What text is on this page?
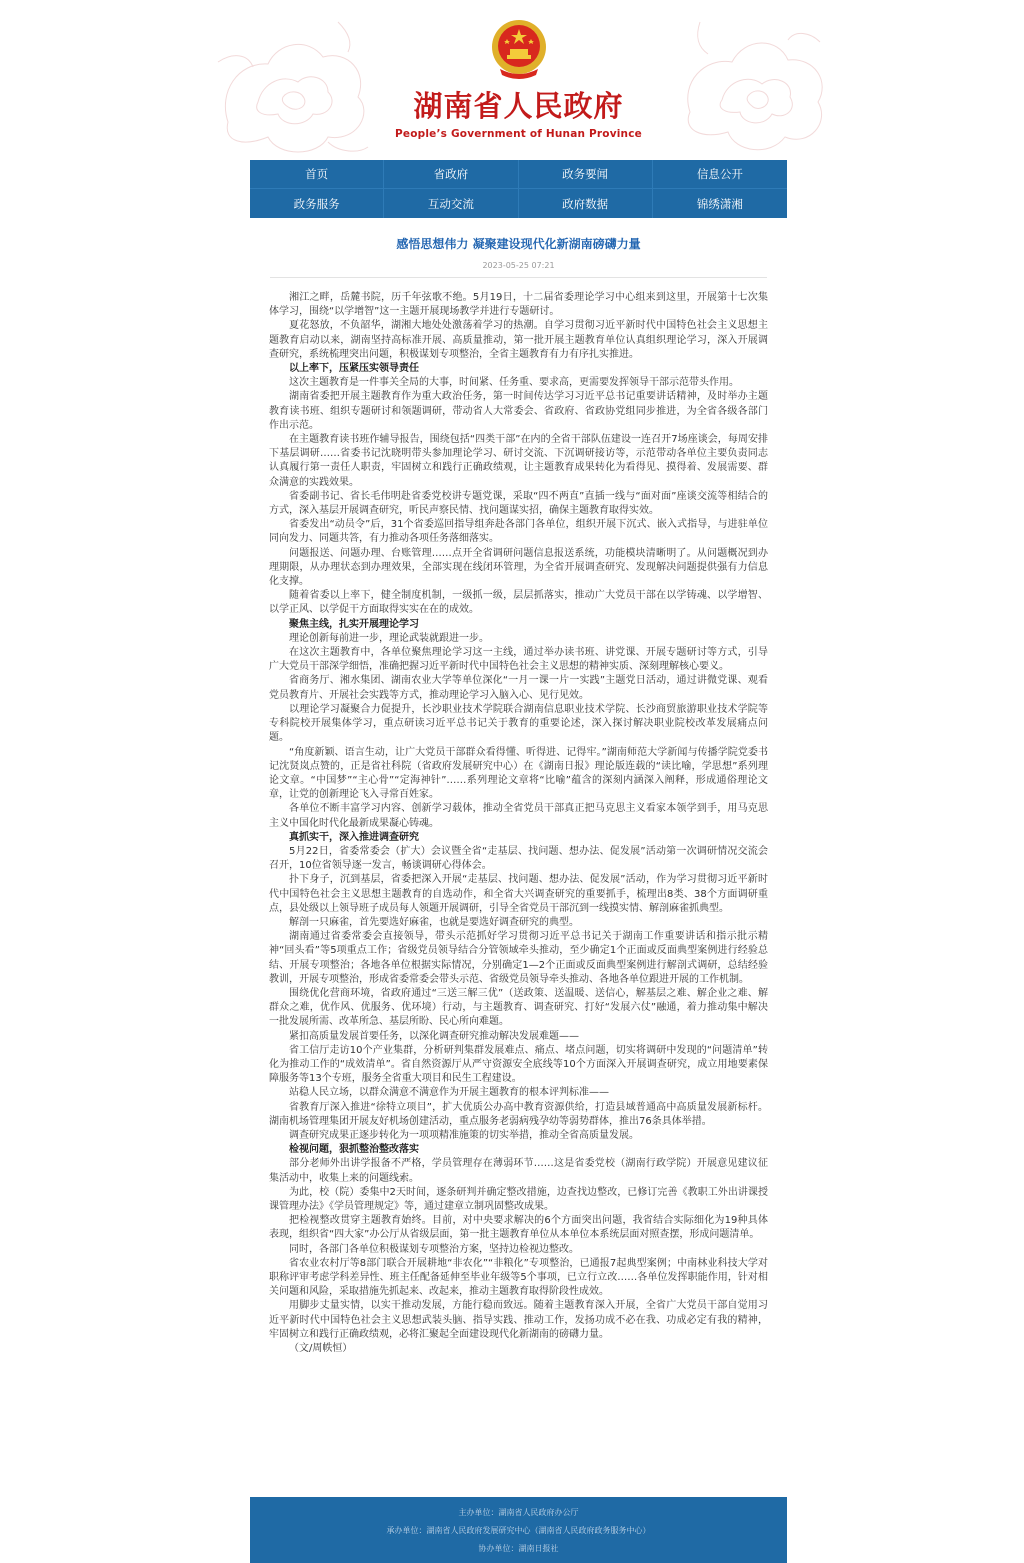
湖南省人民政府
People’s Government of Hunan Province
首页	省政府	政务要闻	信息公开
政务服务	互动交流	政府数据	锦绣潇湘
感悟思想伟力 凝聚建设现代化新湖南磅礴力量
2023-05-25 07:21

湘江之畔，岳麓书院，历千年弦歌不绝。5月19日，十二届省委理论学习中心组来到这里，开展第十七次集体学习，围绕“以学增智”这一主题开展现场教学并进行专题研讨。

夏花怒放，不负韶华，湖湘大地处处激荡着学习的热潮。自学习贯彻习近平新时代中国特色社会主义思想主题教育启动以来，湖南坚持高标准开展、高质量推动，第一批开展主题教育单位认真组织理论学习，深入开展调查研究，系统梳理突出问题，积极谋划专项整治，全省主题教育有力有序扎实推进。

以上率下，压紧压实领导责任

这次主题教育是一件事关全局的大事，时间紧、任务重、要求高，更需要发挥领导干部示范带头作用。

湖南省委把开展主题教育作为重大政治任务，第一时间传达学习习近平总书记重要讲话精神，及时举办主题教育读书班、组织专题研讨和领题调研，带动省人大常委会、省政府、省政协党组同步推进，为全省各级各部门作出示范。

在主题教育读书班作辅导报告，围绕包括“四类干部”在内的全省干部队伍建设一连召开7场座谈会，每周安排下基层调研……省委书记沈晓明带头参加理论学习、研讨交流、下沉调研接访等，示范带动各单位主要负责同志认真履行第一责任人职责，牢固树立和践行正确政绩观，让主题教育成果转化为看得见、摸得着、发展需要、群众满意的实践效果。

省委副书记、省长毛伟明赴省委党校讲专题党课，采取“四不两直”直插一线与“面对面”座谈交流等相结合的方式，深入基层开展调查研究，听民声察民情、找问题谋实招，确保主题教育取得实效。

省委发出“动员令”后，31个省委巡回指导组奔赴各部门各单位，组织开展下沉式、嵌入式指导，与进驻单位同向发力、同题共答，有力推动各项任务落细落实。

问题报送、问题办理、台账管理……点开全省调研问题信息报送系统，功能模块清晰明了。从问题概况到办理期限，从办理状态到办理效果，全部实现在线闭环管理，为全省开展调查研究、发现解决问题提供强有力信息化支撑。

随着省委以上率下，健全制度机制，一级抓一级，层层抓落实，推动广大党员干部在以学铸魂、以学增智、以学正风、以学促干方面取得实实在在的成效。

聚焦主线，扎实开展理论学习

理论创新每前进一步，理论武装就跟进一步。

在这次主题教育中，各单位聚焦理论学习这一主线，通过举办读书班、讲党课、开展专题研讨等方式，引导广大党员干部深学细悟，准确把握习近平新时代中国特色社会主义思想的精神实质、深刻理解核心要义。

省商务厅、湘水集团、湖南农业大学等单位深化“一月一课一片一实践”主题党日活动，通过讲微党课、观看党员教育片、开展社会实践等方式，推动理论学习入脑入心、见行见效。

以理论学习凝聚合力促提升，长沙职业技术学院联合湖南信息职业技术学院、长沙商贸旅游职业技术学院等专科院校开展集体学习，重点研读习近平总书记关于教育的重要论述，深入探讨解决职业院校改革发展痛点问题。

“角度新颖、语言生动，让广大党员干部群众看得懂、听得进、记得牢。”湖南师范大学新闻与传播学院党委书记沈贤岚点赞的，正是省社科院（省政府发展研究中心）在《湖南日报》理论版连载的“读比喻，学思想”系列理论文章。“中国梦”“主心骨”“定海神针”……系列理论文章将“比喻”蕴含的深刻内涵深入阐释，形成通俗理论文章，让党的创新理论飞入寻常百姓家。

各单位不断丰富学习内容、创新学习载体，推动全省党员干部真正把马克思主义看家本领学到手，用马克思主义中国化时代化最新成果凝心铸魂。

真抓实干，深入推进调查研究

5月22日，省委常委会（扩大）会议暨全省“走基层、找问题、想办法、促发展”活动第一次调研情况交流会召开，10位省领导逐一发言，畅谈调研心得体会。

扑下身子，沉到基层，省委把深入开展“走基层、找问题、想办法、促发展”活动，作为学习贯彻习近平新时代中国特色社会主义思想主题教育的自选动作，和全省大兴调查研究的重要抓手，梳理出8类、38个方面调研重点，县处级以上领导班子成员每人领题开展调研，引导全省党员干部沉到一线摸实情、解剖麻雀抓典型。

解剖一只麻雀，首先要选好麻雀，也就是要选好调查研究的典型。

湖南通过省委常委会直接领导，带头示范抓好学习贯彻习近平总书记关于湖南工作重要讲话和指示批示精神“回头看”等5项重点工作；省级党员领导结合分管领域牵头推动，至少确定1个正面或反面典型案例进行经验总结、开展专项整治；各地各单位根据实际情况，分别确定1—2个正面或反面典型案例进行解剖式调研，总结经验教训，开展专项整治，形成省委常委会带头示范、省级党员领导牵头推动、各地各单位跟进开展的工作机制。

围绕优化营商环境，省政府通过“三送三解三优”（送政策、送温暖、送信心，解基层之难、解企业之难、解群众之难，优作风、优服务、优环境）行动，与主题教育、调查研究、打好“发展六仗”融通，着力推动集中解决一批发展所需、改革所急、基层所盼、民心所向难题。

紧扣高质量发展首要任务，以深化调查研究推动解决发展难题——

省工信厅走访10个产业集群，分析研判集群发展难点、痛点、堵点问题，切实将调研中发现的“问题清单”转化为推动工作的“成效清单”。省自然资源厅从严守资源安全底线等10个方面深入开展调查研究，成立用地要素保障服务等13个专班，服务全省重大项目和民生工程建设。

站稳人民立场，以群众满意不满意作为开展主题教育的根本评判标准——

省教育厅深入推进“徐特立项目”，扩大优质公办高中教育资源供给，打造县域普通高中高质量发展新标杆。湖南机场管理集团开展友好机场创建活动，重点服务老弱病残孕幼等弱势群体，推出76条具体举措。

调查研究成果正逐步转化为一项项精准施策的切实举措，推动全省高质量发展。

检视问题，狠抓整治整改落实

部分老师外出讲学报备不严格，学员管理存在薄弱环节……这是省委党校（湖南行政学院）开展意见建议征集活动中，收集上来的问题线索。

为此，校（院）委集中2天时间，逐条研判并确定整改措施，边查找边整改，已修订完善《教职工外出讲课授课管理办法》《学员管理规定》等，通过建章立制巩固整改成果。

把检视整改贯穿主题教育始终。目前，对中央要求解决的6个方面突出问题，我省结合实际细化为19种具体表现，组织省“四大家”办公厅从省级层面，第一批主题教育单位从本单位本系统层面对照查摆，形成问题清单。

同时，各部门各单位积极谋划专项整治方案，坚持边检视边整改。

省农业农村厅等8部门联合开展耕地“非农化”“非粮化”专项整治，已通报7起典型案例；中南林业科技大学对职称评审考虑学科差异性、班主任配备延伸至毕业年级等5个事项，已立行立改……各单位发挥职能作用，针对相关问题和风险，采取措施先抓起来、改起来，推动主题教育取得阶段性成效。

用脚步丈量实情，以实干推动发展，方能行稳而致远。随着主题教育深入开展，全省广大党员干部自觉用习近平新时代中国特色社会主义思想武装头脑、指导实践、推动工作，发扬功成不必在我、功成必定有我的精神，牢固树立和践行正确政绩观，必将汇聚起全面建设现代化新湖南的磅礴力量。

（文/周帙恒）

主办单位：湖南省人民政府办公厅
承办单位：湖南省人民政府发展研究中心（湖南省人民政府政务服务中心）
协办单位：湖南日报社
